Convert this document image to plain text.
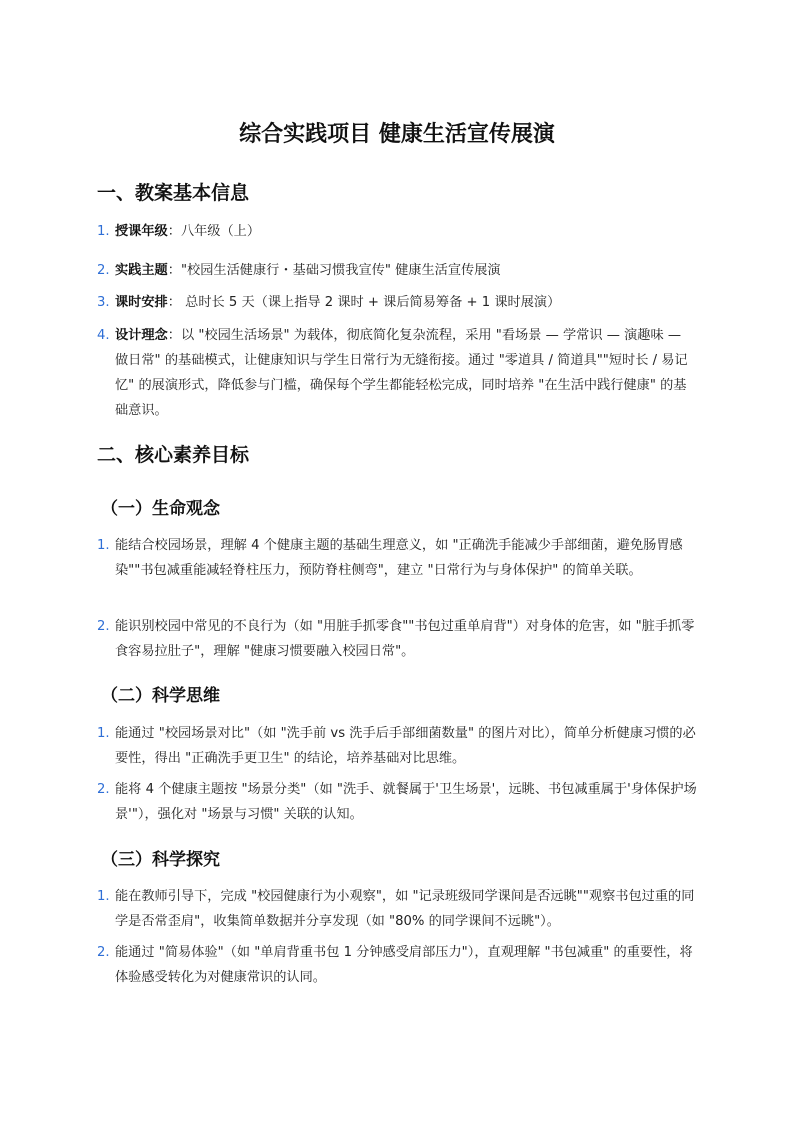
综合实践项目 健康生活宣传展演
一、教案基本信息
1. 授课年级：八年级（上）
2. 实践主题："校园生活健康行・基础习惯我宣传" 健康生活宣传展演
3. 课时安排： 总时长 5 天（课上指导 2 课时 + 课后简易筹备 + 1 课时展演）
4. 设计理念：以 "校园生活场景" 为载体，彻底简化复杂流程，采用 "看场景 — 学常识 — 演趣味 — 做日常" 的基础模式，让健康知识与学生日常行为无缝衔接。通过 "零道具 / 简道具""短时长 / 易记忆" 的展演形式，降低参与门槛，确保每个学生都能轻松完成，同时培养 "在生活中践行健康" 的基础意识。
二、核心素养目标
（一）生命观念
1. 能结合校园场景，理解 4 个健康主题的基础生理意义，如 "正确洗手能减少手部细菌，避免肠胃感染""书包减重能减轻脊柱压力，预防脊柱侧弯"，建立 "日常行为与身体保护" 的简单关联。
2. 能识别校园中常见的不良行为（如 "用脏手抓零食""书包过重单肩背"）对身体的危害，如 "脏手抓零食容易拉肚子"，理解 "健康习惯要融入校园日常"。
（二）科学思维
1. 能通过 "校园场景对比"（如 "洗手前 vs 洗手后手部细菌数量" 的图片对比），简单分析健康习惯的必要性，得出 "正确洗手更卫生" 的结论，培养基础对比思维。
2. 能将 4 个健康主题按 "场景分类"（如 "洗手、就餐属于'卫生场景'，远眺、书包减重属于'身体保护场景'"），强化对 "场景与习惯" 关联的认知。
（三）科学探究
1. 能在教师引导下，完成 "校园健康行为小观察"，如 "记录班级同学课间是否远眺""观察书包过重的同学是否常歪肩"，收集简单数据并分享发现（如 "80% 的同学课间不远眺"）。
2. 能通过 "简易体验"（如 "单肩背重书包 1 分钟感受肩部压力"），直观理解 "书包减重" 的重要性，将体验感受转化为对健康常识的认同。
